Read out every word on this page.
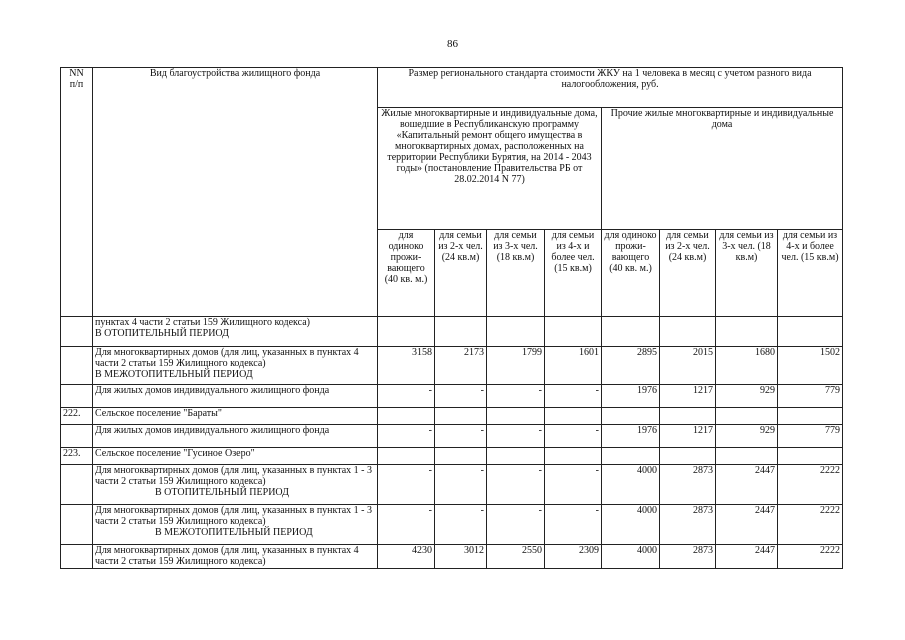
86
NN
п/п	Вид благоустройства жилищного фонда	Размер регионального стандарта стоимости ЖКУ на 1 человека в месяц с учетом разного вида налогообложения, руб.							
		Жилые многоквартирные и индивидуальные дома, вошедшие в Республиканскую программу «Капитальный ремонт общего имущества в многоквартирных домах, расположенных на территории Республики Бурятия, на 2014 - 2043 годы» (постановление Правительства РБ от 28.02.2014 N 77)				Прочие жилые многоквартирные и индивидуальные дома			
		для одиноко прожи-вающего (40 кв. м.)	для семьи из 2-х чел. (24 кв.м)	для семьи из 3-х чел. (18 кв.м)	для семьи из 4-х и более чел. (15 кв.м)	для одиноко прожи-вающего (40 кв. м.)	для семьи из 2-х чел. (24 кв.м)	для семьи из 3-х чел. (18 кв.м)	для семьи из 4-х и более чел. (15 кв.м)
	пунктах 4 части 2 статьи 159 Жилищного кодекса)
В ОТОПИТЕЛЬНЫЙ ПЕРИОД								

	Для многоквартирных домов (для лиц, указанных в пунктах 4 части 2 статьи 159 Жилищного кодекса)
В МЕЖОТОПИТЕЛЬНЫЙ ПЕРИОД	3158	2173	1799	1601	2895	2015	1680	1502
	Для жилых домов индивидуального жилищного фонда	-	-	-	-	1976	1217	929	779
222.	Сельское поселение "Бараты"								
	Для жилых домов индивидуального жилищного фонда	-	-	-	-	1976	1217	929	779
223.	Сельское поселение "Гусиное Озеро"								
	Для многоквартирных домов (для лиц, указанных в пунктах 1 - 3 части 2 статьи 159 Жилищного кодекса)
В ОТОПИТЕЛЬНЫЙ ПЕРИОД	-	-	-	-	4000	2873	2447	2222
	Для многоквартирных домов (для лиц, указанных в пунктах 1 - 3 части 2 статьи 159 Жилищного кодекса)
В МЕЖОТОПИТЕЛЬНЫЙ ПЕРИОД	-	-	-	-	4000	2873	2447	2222
	Для многоквартирных домов (для лиц, указанных в пунктах 4 части 2 статьи 159 Жилищного кодекса)	4230	3012	2550	2309	4000	2873	2447	2222
